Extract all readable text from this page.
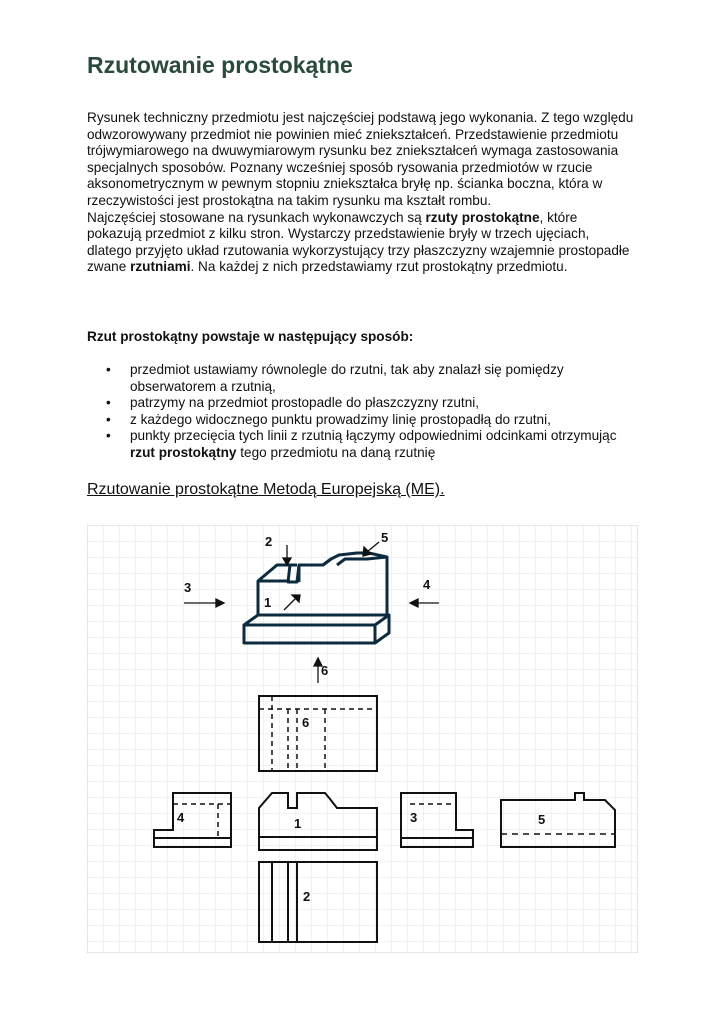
Rzutowanie prostokątne

Rysunek techniczny przedmiotu jest najczęściej podstawą jego wykonania. Z tego względu odwzorowywany przedmiot nie powinien mieć zniekształceń. Przedstawienie przedmiotu trójwymiarowego na dwuwymiarowym rysunku bez zniekształceń wymaga zastosowania specjalnych sposobów. Poznany wcześniej sposób rysowania przedmiotów w rzucie aksonometrycznym w pewnym stopniu zniekształca bryłę np. ścianka boczna, która w rzeczywistości jest prostokątna na takim rysunku ma kształt rombu.

Najczęściej stosowane na rysunkach wykonawczych są rzuty prostokątne, które pokazują przedmiot z kilku stron. Wystarczy przedstawienie bryły w trzech ujęciach, dlatego przyjęto układ rzutowania wykorzystujący trzy płaszczyzny wzajemnie prostopadłe zwane rzutniami. Na każdej z nich przedstawiamy rzut prostokątny przedmiotu.

Rzut prostokątny powstaje w następujący sposób:

• przedmiot ustawiamy równolegle do rzutni, tak aby znalazł się pomiędzy obserwatorem a rzutnią,
• patrzymy na przedmiot prostopadle do płaszczyzny rzutni,
• z każdego widocznego punktu prowadzimy linię prostopadłą do rzutni,
• punkty przecięcia tych linii z rzutnią łączymy odpowiednimi odcinkami otrzymując rzut prostokątny tego przedmiotu na daną rzutnię
Rzutowanie prostokątne Metodą Europejską (ME).
2	5
3	4
1
6
6
4	1	3	5
2
